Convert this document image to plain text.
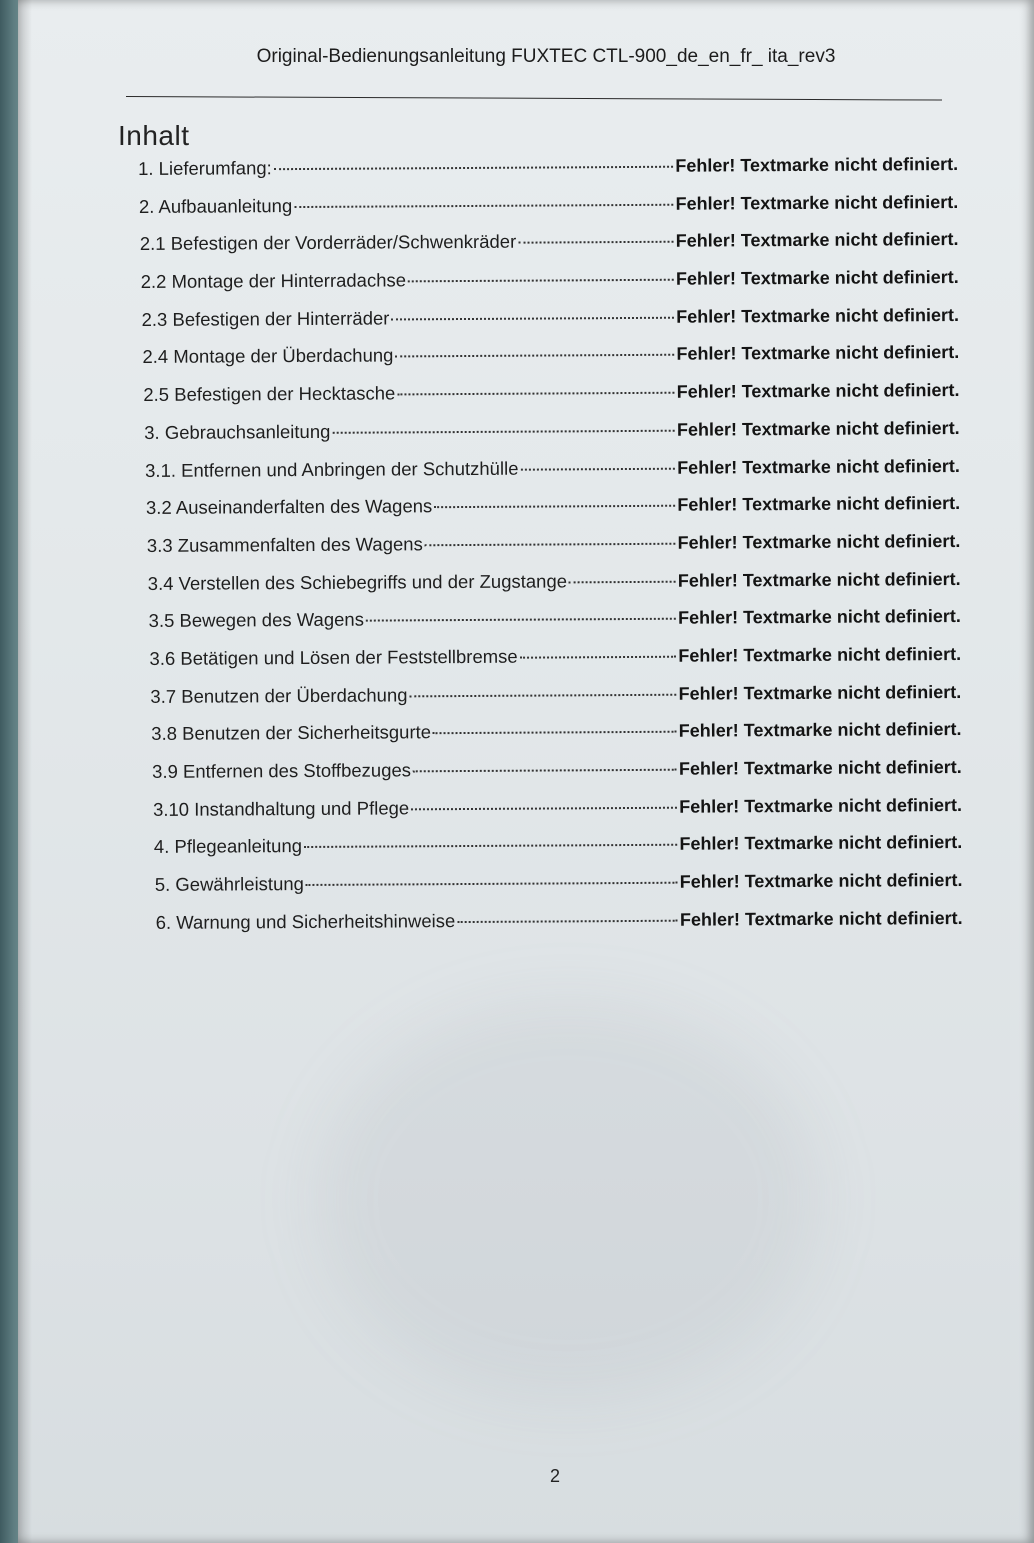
Original-Bedienungsanleitung FUXTEC CTL-900_de_en_fr_ ita_rev3
Inhalt
1. Lieferumfang:	Fehler! Textmarke nicht definiert.
2. Aufbauanleitung	Fehler! Textmarke nicht definiert.
2.1 Befestigen der Vorderräder/Schwenkräder	Fehler! Textmarke nicht definiert.
2.2 Montage der Hinterradachse	Fehler! Textmarke nicht definiert.
2.3 Befestigen der Hinterräder	Fehler! Textmarke nicht definiert.
2.4 Montage der Überdachung	Fehler! Textmarke nicht definiert.
2.5 Befestigen der Hecktasche	Fehler! Textmarke nicht definiert.
3. Gebrauchsanleitung	Fehler! Textmarke nicht definiert.
3.1. Entfernen und Anbringen der Schutzhülle	Fehler! Textmarke nicht definiert.
3.2 Auseinanderfalten des Wagens	Fehler! Textmarke nicht definiert.
3.3 Zusammenfalten des Wagens	Fehler! Textmarke nicht definiert.
3.4 Verstellen des Schiebegriffs und der Zugstange	Fehler! Textmarke nicht definiert.
3.5 Bewegen des Wagens	Fehler! Textmarke nicht definiert.
3.6 Betätigen und Lösen der Feststellbremse	Fehler! Textmarke nicht definiert.
3.7 Benutzen der Überdachung	Fehler! Textmarke nicht definiert.
3.8 Benutzen der Sicherheitsgurte	Fehler! Textmarke nicht definiert.
3.9 Entfernen des Stoffbezuges	Fehler! Textmarke nicht definiert.
3.10 Instandhaltung und Pflege	Fehler! Textmarke nicht definiert.
4. Pflegeanleitung	Fehler! Textmarke nicht definiert.
5. Gewährleistung	Fehler! Textmarke nicht definiert.
6. Warnung und Sicherheitshinweise	Fehler! Textmarke nicht definiert.
2
